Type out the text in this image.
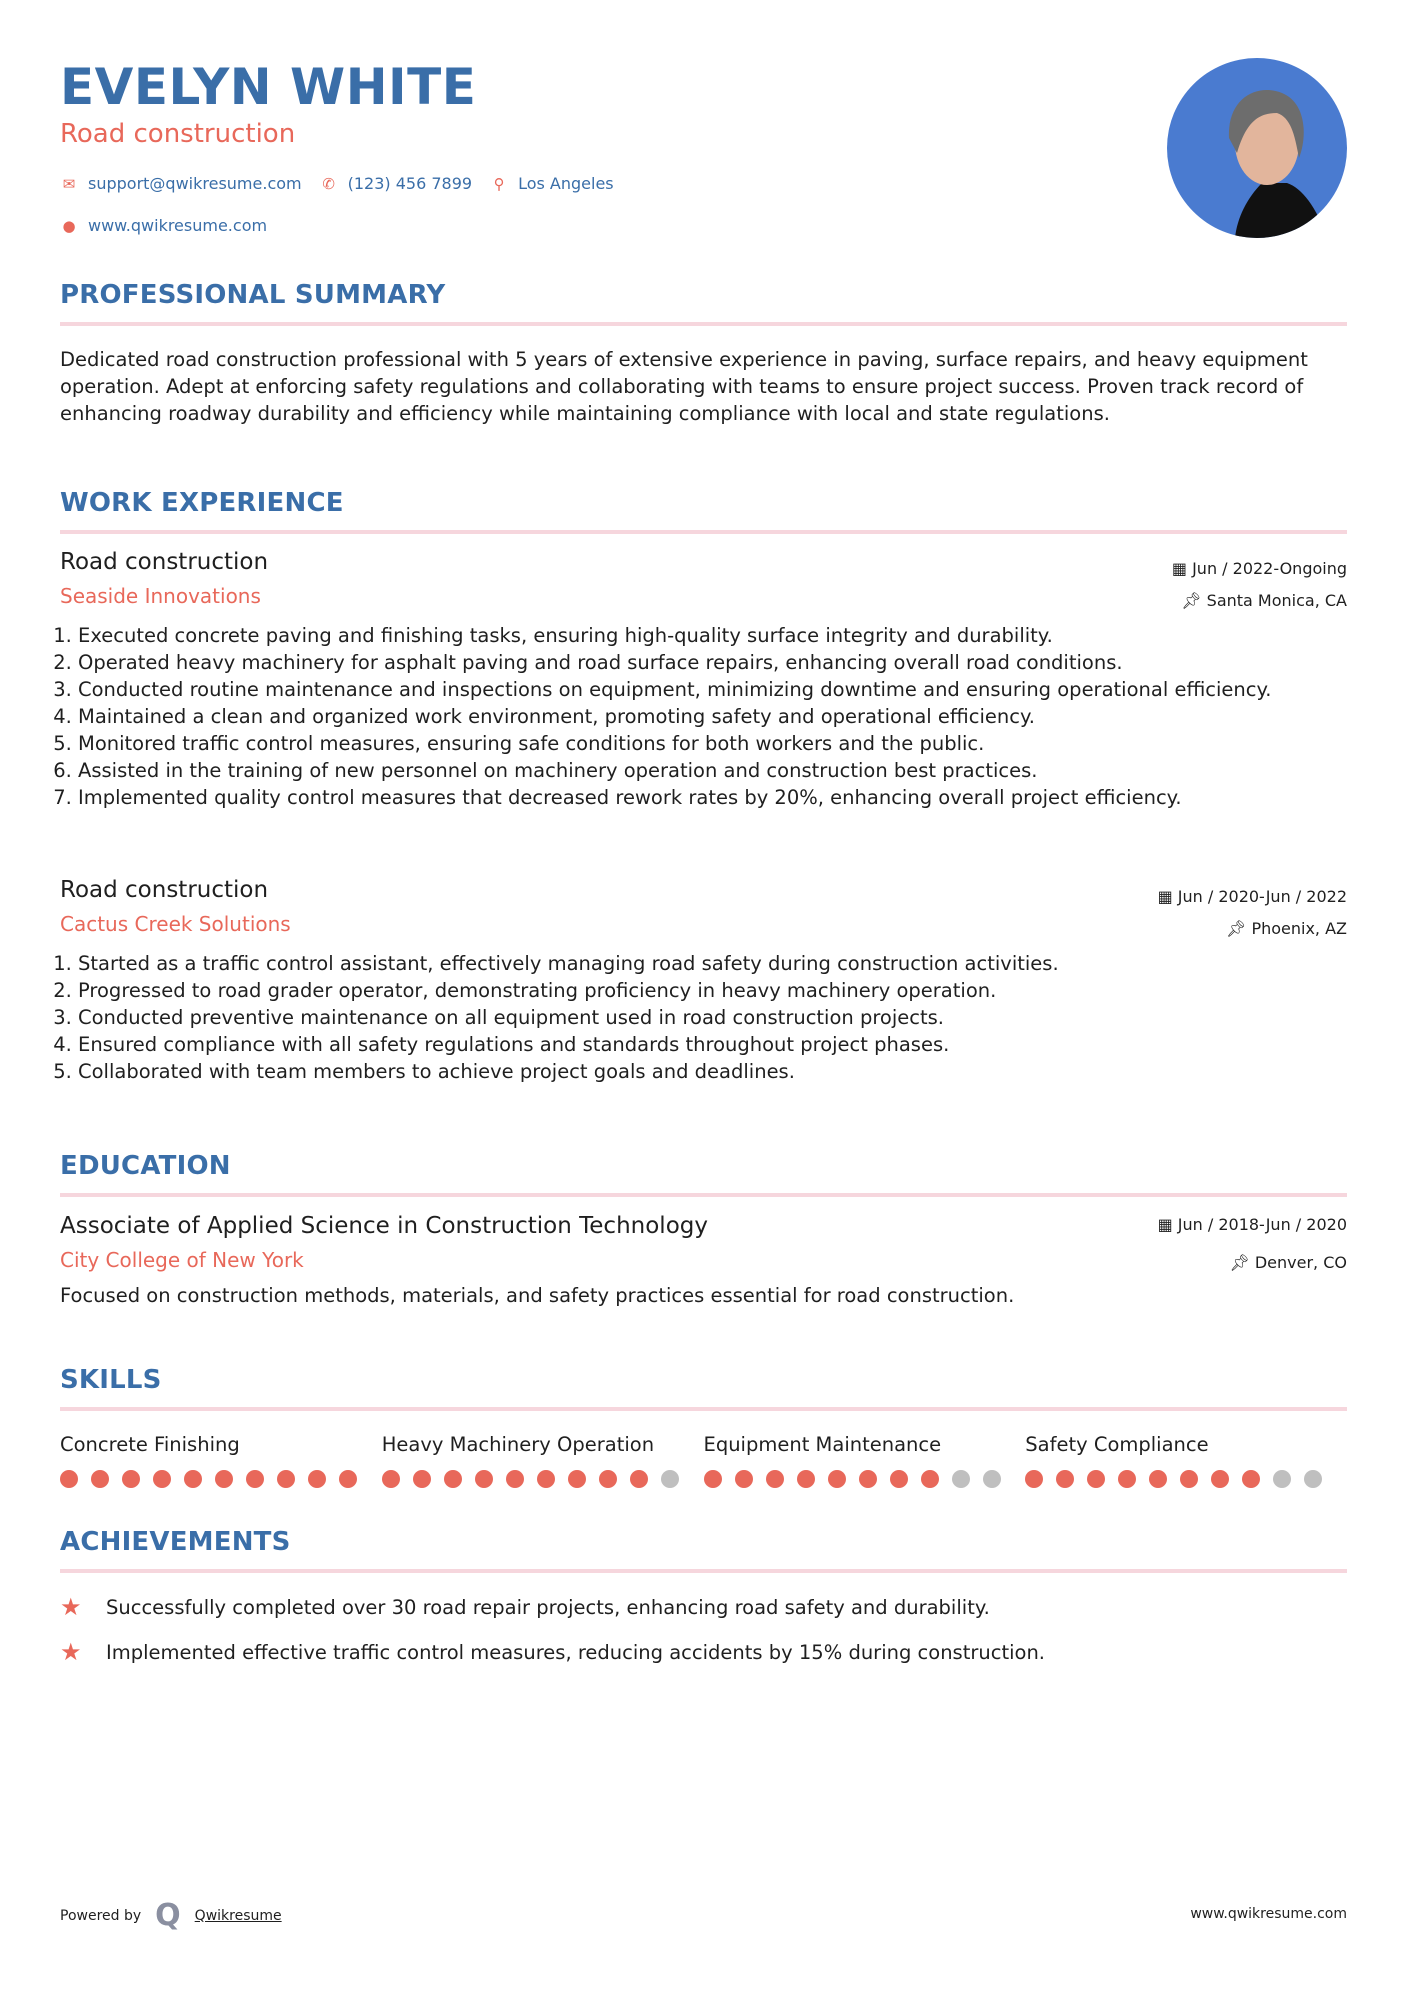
EVELYN WHITE
Road construction
✉ support@qwikresume.com ✆ (123) 456 7899 ⚲ Los Angeles
● www.qwikresume.com
PROFESSIONAL SUMMARY

Dedicated road construction professional with 5 years of extensive experience in paving, surface repairs, and heavy equipment operation. Adept at enforcing safety regulations and collaborating with teams to ensure project success. Proven track record of enhancing roadway durability and efficiency while maintaining compliance with local and state regulations.

WORK EXPERIENCE
▦ Jun / 2022-Ongoing
📌︎ Santa Monica, CA
Road construction
Seaside Innovations
1. Executed concrete paving and finishing tasks, ensuring high-quality surface integrity and durability.
2. Operated heavy machinery for asphalt paving and road surface repairs, enhancing overall road conditions.
3. Conducted routine maintenance and inspections on equipment, minimizing downtime and ensuring operational efficiency.
4. Maintained a clean and organized work environment, promoting safety and operational efficiency.
5. Monitored traffic control measures, ensuring safe conditions for both workers and the public.
6. Assisted in the training of new personnel on machinery operation and construction best practices.
7. Implemented quality control measures that decreased rework rates by 20%, enhancing overall project efficiency.
▦ Jun / 2020-Jun / 2022
📌︎ Phoenix, AZ
Road construction
Cactus Creek Solutions
1. Started as a traffic control assistant, effectively managing road safety during construction activities.
2. Progressed to road grader operator, demonstrating proficiency in heavy machinery operation.
3. Conducted preventive maintenance on all equipment used in road construction projects.
4. Ensured compliance with all safety regulations and standards throughout project phases.
5. Collaborated with team members to achieve project goals and deadlines.
EDUCATION
▦ Jun / 2018-Jun / 2020
📌︎ Denver, CO
Associate of Applied Science in Construction Technology
City College of New York

Focused on construction methods, materials, and safety practices essential for road construction.

SKILLS
Concrete Finishing	Heavy Machinery Operation	Equipment Maintenance	Safety Compliance
ACHIEVEMENTS
★	Successfully completed over 30 road repair projects, enhancing road safety and durability.
★	Implemented effective traffic control measures, reducing accidents by 15% during construction.
Powered by Q Qwikresume	www.qwikresume.com
